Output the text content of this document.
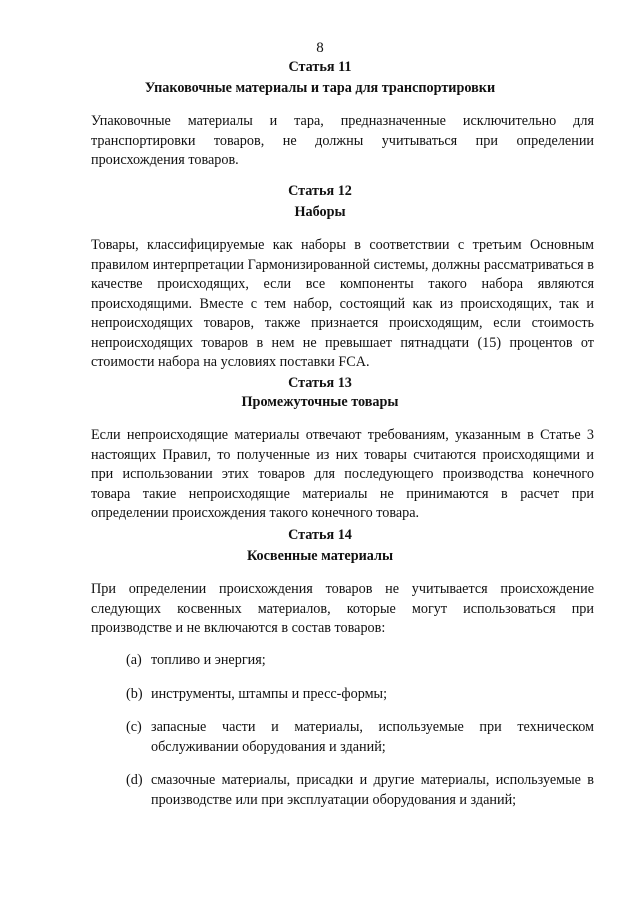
8
Статья 11
Упаковочные материалы и тара для транспортировки
Упаковочные материалы и тара, предназначенные исключительно для транспортировки товаров, не должны учитываться при определении происхождения товаров.
Статья 12
Наборы
Товары, классифицируемые как наборы в соответствии с третьим Основным правилом интерпретации Гармонизированной системы, должны рассматриваться в качестве происходящих, если все компоненты такого набора являются происходящими. Вместе с тем набор, состоящий как из происходящих, так и непроисходящих товаров, также признается происходящим, если стоимость непроисходящих товаров в нем не превышает пятнадцати (15) процентов от стоимости набора на условиях поставки FCA.
Статья 13
Промежуточные товары
Если непроисходящие материалы отвечают требованиям, указанным в Статье 3 настоящих Правил, то полученные из них товары считаются происходящими и при использовании этих товаров для последующего производства конечного товара такие непроисходящие материалы не принимаются в расчет при определении происхождения такого конечного товара.
Статья 14
Косвенные материалы
При определении происхождения товаров не учитывается происхождение следующих косвенных материалов, которые могут использоваться при производстве и не включаются в состав товаров:
(a) топливо и энергия;
(b) инструменты, штампы и пресс-формы;
(c) запасные части и материалы, используемые при техническом обслуживании оборудования и зданий;
(d) смазочные материалы, присадки и другие материалы, используемые в производстве или при эксплуатации оборудования и зданий;
